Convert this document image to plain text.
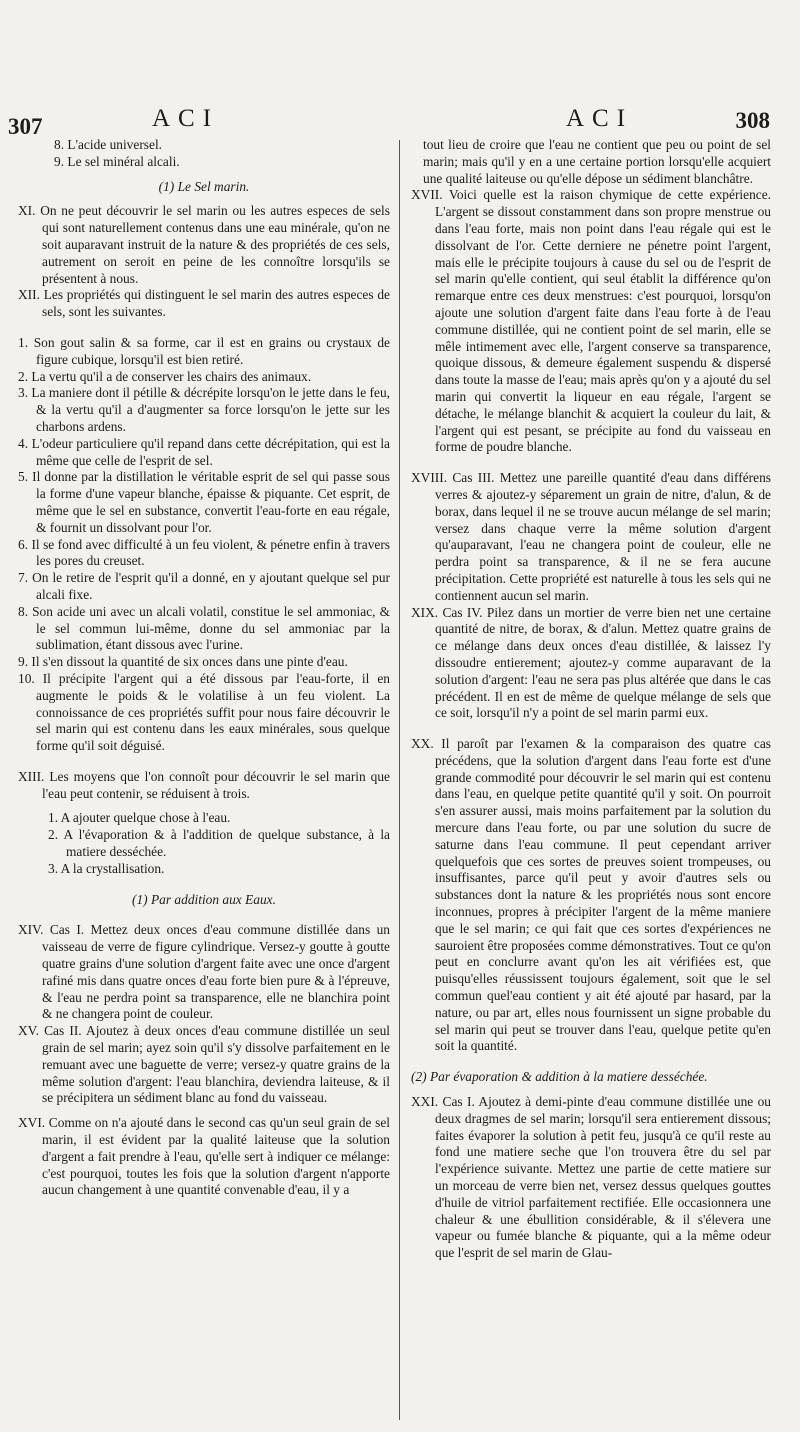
307	ACI	ACI	308

8. L'acide universel.

9. Le sel minéral alcali.

(1) Le Sel marin.

XI. On ne peut découvrir le sel marin ou les autres especes de sels qui sont naturellement contenus dans une eau minérale, qu'on ne soit auparavant instruit de la nature & des propriétés de ces sels, autrement on seroit en peine de les connoître lorsqu'ils se présentent à nous.

XII. Les propriétés qui distinguent le sel marin des autres especes de sels, sont les suivantes.

1. Son gout salin & sa forme, car il est en grains ou crystaux de figure cubique, lorsqu'il est bien retiré.

2. La vertu qu'il a de conserver les chairs des animaux.

3. La maniere dont il pétille & décrépite lorsqu'on le jette dans le feu, & la vertu qu'il a d'augmenter sa force lorsqu'on le jette sur les charbons ardens.

4. L'odeur particuliere qu'il repand dans cette décrépitation, qui est la même que celle de l'esprit de sel.

5. Il donne par la distillation le véritable esprit de sel qui passe sous la forme d'une vapeur blanche, épaisse & piquante. Cet esprit, de même que le sel en substance, convertit l'eau-forte en eau régale, & fournit un dissolvant pour l'or.

6. Il se fond avec difficulté à un feu violent, & pénetre enfin à travers les pores du creuset.

7. On le retire de l'esprit qu'il a donné, en y ajoutant quelque sel pur alcali fixe.

8. Son acide uni avec un alcali volatil, constitue le sel ammoniac, & le sel commun lui-même, donne du sel ammoniac par la sublimation, étant dissous avec l'urine.

9. Il s'en dissout la quantité de six onces dans une pinte d'eau.

10. Il précipite l'argent qui a été dissous par l'eau-forte, il en augmente le poids & le volatilise à un feu violent. La connoissance de ces propriétés suffit pour nous faire découvrir le sel marin qui est contenu dans les eaux minérales, sous quelque forme qu'il soit déguisé.

XIII. Les moyens que l'on connoît pour découvrir le sel marin que l'eau peut contenir, se réduisent à trois.

1. A ajouter quelque chose à l'eau.

2. A l'évaporation & à l'addition de quelque substance, à la matiere desséchée.

3. A la crystallisation.

(1) Par addition aux Eaux.

XIV. Cas I. Mettez deux onces d'eau commune distillée dans un vaisseau de verre de figure cylindrique. Versez-y goutte à goutte quatre grains d'une solution d'argent faite avec une once d'argent rafiné mis dans quatre onces d'eau forte bien pure & à l'épreuve, & l'eau ne perdra point sa transparence, elle ne blanchira point & ne changera point de couleur.

XV. Cas II. Ajoutez à deux onces d'eau commune distillée un seul grain de sel marin; ayez soin qu'il s'y dissolve parfaitement en le remuant avec une baguette de verre; versez-y quatre grains de la même solution d'argent: l'eau blanchira, deviendra laiteuse, & il se précipitera un sédiment blanc au fond du vaisseau.

XVI. Comme on n'a ajouté dans le second cas qu'un seul grain de sel marin, il est évident par la qualité laiteuse que la solution d'argent a fait prendre à l'eau, qu'elle sert à indiquer ce mélange: c'est pourquoi, toutes les fois que la solution d'argent n'apporte aucun changement à une quantité convenable d'eau, il y a

tout lieu de croire que l'eau ne contient que peu ou point de sel marin; mais qu'il y en a une certaine portion lorsqu'elle acquiert une qualité laiteuse ou qu'elle dépose un sédiment blanchâtre.

XVII. Voici quelle est la raison chymique de cette expérience. L'argent se dissout constamment dans son propre menstrue ou dans l'eau forte, mais non point dans l'eau régale qui est le dissolvant de l'or. Cette derniere ne pénetre point l'argent, mais elle le précipite toujours à cause du sel ou de l'esprit de sel marin qu'elle contient, qui seul établit la différence qu'on remarque entre ces deux menstrues: c'est pourquoi, lorsqu'on ajoute une solution d'argent faite dans l'eau forte à de l'eau commune distillée, qui ne contient point de sel marin, elle se mêle intimement avec elle, l'argent conserve sa transparence, quoique dissous, & demeure également suspendu & dispersé dans toute la masse de l'eau; mais après qu'on y a ajouté du sel marin qui convertit la liqueur en eau régale, l'argent se détache, le mélange blanchit & acquiert la couleur du lait, & l'argent qui est pesant, se précipite au fond du vaisseau en forme de poudre blanche.

XVIII. Cas III. Mettez une pareille quantité d'eau dans différens verres & ajoutez-y séparement un grain de nitre, d'alun, & de borax, dans lequel il ne se trouve aucun mélange de sel marin; versez dans chaque verre la même solution d'argent qu'auparavant, l'eau ne changera point de couleur, elle ne perdra point sa transparence, & il ne se fera aucune précipitation. Cette propriété est naturelle à tous les sels qui ne contiennent aucun sel marin.

XIX. Cas IV. Pilez dans un mortier de verre bien net une certaine quantité de nitre, de borax, & d'alun. Mettez quatre grains de ce mélange dans deux onces d'eau distillée, & laissez l'y dissoudre entierement; ajoutez-y comme auparavant de la solution d'argent: l'eau ne sera pas plus altérée que dans le cas précédent. Il en est de même de quelque mélange de sels que ce soit, lorsqu'il n'y a point de sel marin parmi eux.

XX. Il paroît par l'examen & la comparaison des quatre cas précédens, que la solution d'argent dans l'eau forte est d'une grande commodité pour découvrir le sel marin qui est contenu dans l'eau, en quelque petite quantité qu'il y soit. On pourroit s'en assurer aussi, mais moins parfaitement par la solution du mercure dans l'eau forte, ou par une solution du sucre de saturne dans l'eau commune. Il peut cependant arriver quelquefois que ces sortes de preuves soient trompeuses, ou insuffisantes, parce qu'il peut y avoir d'autres sels ou substances dont la nature & les propriétés nous sont encore inconnues, propres à précipiter l'argent de la même maniere que le sel marin; ce qui fait que ces sortes d'expériences ne sauroient être proposées comme démonstratives. Tout ce qu'on peut en conclurre avant qu'on les ait vérifiées est, que puisqu'elles réussissent toujours également, soit que le sel commun quel'eau contient y ait été ajouté par hasard, par la nature, ou par art, elles nous fournissent un signe probable du sel marin qui peut se trouver dans l'eau, quelque petite qu'en soit la quantité.

(2) Par évaporation & addition à la matiere desséchée.

XXI. Cas I. Ajoutez à demi-pinte d'eau commune distillée une ou deux dragmes de sel marin; lorsqu'il sera entierement dissous; faites évaporer la solution à petit feu, jusqu'à ce qu'il reste au fond une matiere seche que l'on trouvera être du sel par l'expérience suivante. Mettez une partie de cette matiere sur un morceau de verre bien net, versez dessus quelques gouttes d'huile de vitriol parfaitement rectifiée. Elle occasionnera une chaleur & une ébullition considérable, & il s'élevera une vapeur ou fumée blanche & piquante, qui a la même odeur que l'esprit de sel marin de Glau-
